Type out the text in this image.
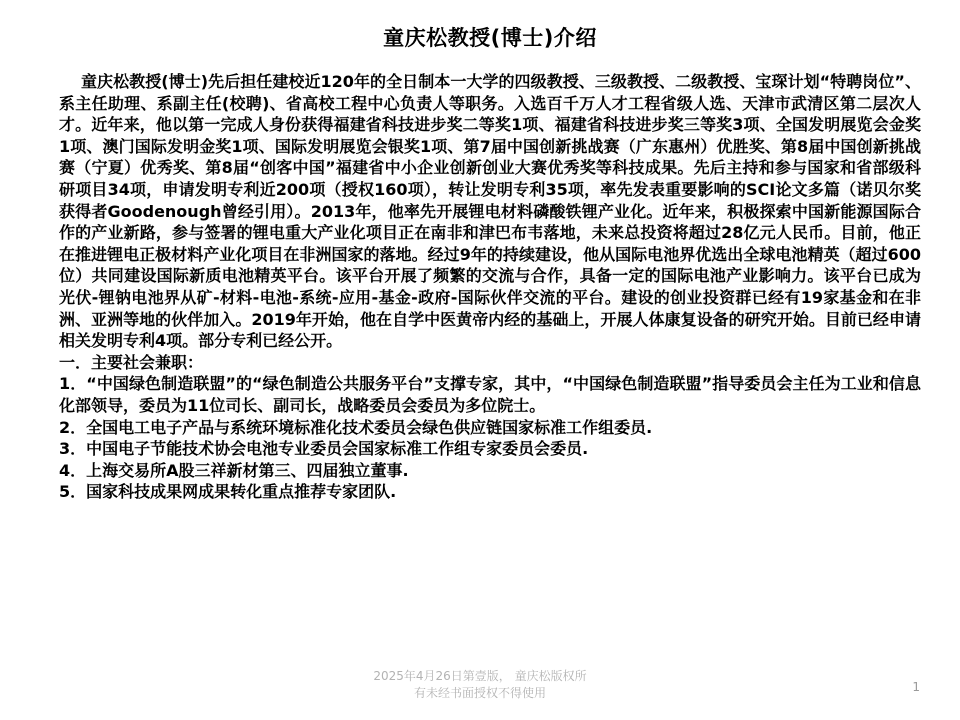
童庆松教授(博士)介绍

童庆松教授(博士)先后担任建校近120年的全日制本一大学的四级教授、三级教授、二级教授、宝琛计划“特聘岗位”、系主任助理、系副主任(校聘)、省高校工程中心负责人等职务。入选百千万人才工程省级人选、天津市武清区第二层次人才。近年来，他以第一完成人身份获得福建省科技进步奖二等奖1项、福建省科技进步奖三等奖3项、全国发明展览会金奖1项、澳门国际发明金奖1项、国际发明展览会银奖1项、第7届中国创新挑战赛（广东惠州）优胜奖、第8届中国创新挑战赛（宁夏）优秀奖、第8届“创客中国”福建省中小企业创新创业大赛优秀奖等科技成果。先后主持和参与国家和省部级科研项目34项，申请发明专利近200项（授权160项），转让发明专利35项，率先发表重要影响的SCI论文多篇（诺贝尔奖获得者Goodenough曾经引用）。2013年，他率先开展锂电材料磷酸铁锂产业化。近年来，积极探索中国新能源国际合作的产业新路，参与签署的锂电重大产业化项目正在南非和津巴布韦落地，未来总投资将超过28亿元人民币。目前，他正在推进锂电正极材料产业化项目在非洲国家的落地。经过9年的持续建设，他从国际电池界优选出全球电池精英（超过600位）共同建设国际新质电池精英平台。该平台开展了频繁的交流与合作，具备一定的国际电池产业影响力。该平台已成为光伏-锂钠电池界从矿-材料-电池-系统-应用-基金-政府-国际伙伴交流的平台。建设的创业投资群已经有19家基金和在非洲、亚洲等地的伙伴加入。2019年开始，他在自学中医黄帝内经的基础上，开展人体康复设备的研究开始。目前已经申请相关发明专利4项。部分专利已经公开。

一．主要社会兼职：

1．“中国绿色制造联盟”的“绿色制造公共服务平台”支撑专家，其中，“中国绿色制造联盟”指导委员会主任为工业和信息化部领导，委员为11位司长、副司长，战略委员会委员为多位院士。

2．全国电工电子产品与系统环境标准化技术委员会绿色供应链国家标准工作组委员.

3．中国电子节能技术协会电池专业委员会国家标准工作组专家委员会委员.

4．上海交易所A股三祥新材第三、四届独立董事.

5．国家科技成果网成果转化重点推荐专家团队.

2025年4月26日第壹版， 童庆松版权所
有未经书面授权不得使用	1
